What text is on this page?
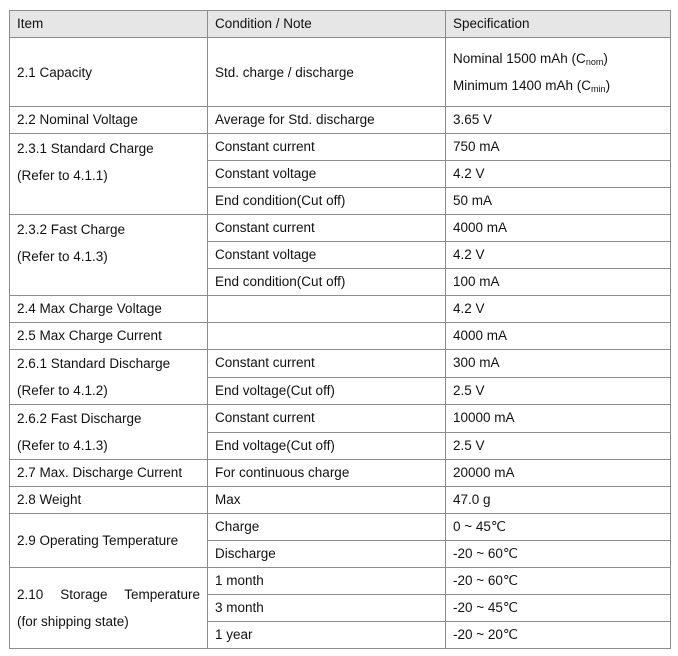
Item	Condition / Note	Specification
2.1 Capacity	Std. charge / discharge	Nominal 1500 mAh $(C_{nom})$
Minimum 1400 mAh $(C_{min})$

2.2 Nominal Voltage	Average for Std. discharge	3.65 V

2.3.1 Standard Charge
(Refer to 4.1.1)	Constant current	750 mA
	Constant voltage	4.2 V
	End condition(Cut off)	50 mA

2.3.2 Fast Charge
(Refer to 4.1.3)	Constant current	4000 mA
	Constant voltage	4.2 V
	End condition(Cut off)	100 mA
2.4 Max Charge Voltage		4.2 V
2.5 Max Charge Current		4000 mA

2.6.1 Standard Discharge
(Refer to 4.1.2)	Constant current	300 mA
	End voltage(Cut off)	2.5 V

2.6.2 Fast Discharge
(Refer to 4.1.3)	Constant current	10000 mA
	End voltage(Cut off)	2.5 V
2.7 Max. Discharge Current	For continuous charge	20000 mA
2.8 Weight	Max	47.0 g
2.9 Operating Temperature	Charge	0 ~ 45℃
	Discharge	-20 ~ 60℃

2.10 Storage Temperature
(for shipping state)	1 month	-20 ~ 60℃
	3 month	-20 ~ 45℃
	1 year	-20 ~ 20℃
